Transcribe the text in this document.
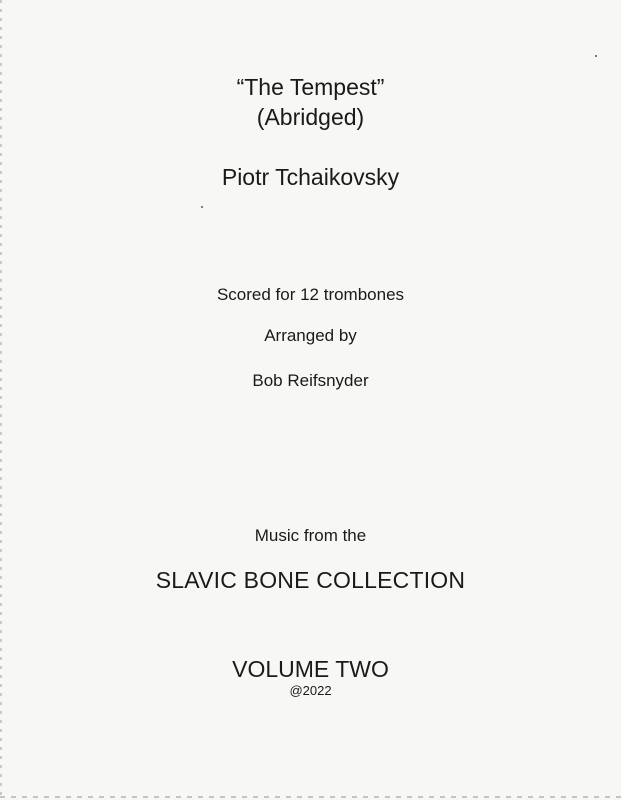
“The Tempest”
(Abridged)
Piotr Tchaikovsky
Scored for 12 trombones
Arranged by
Bob Reifsnyder
Music from the
SLAVIC BONE COLLECTION
VOLUME TWO
@2022
